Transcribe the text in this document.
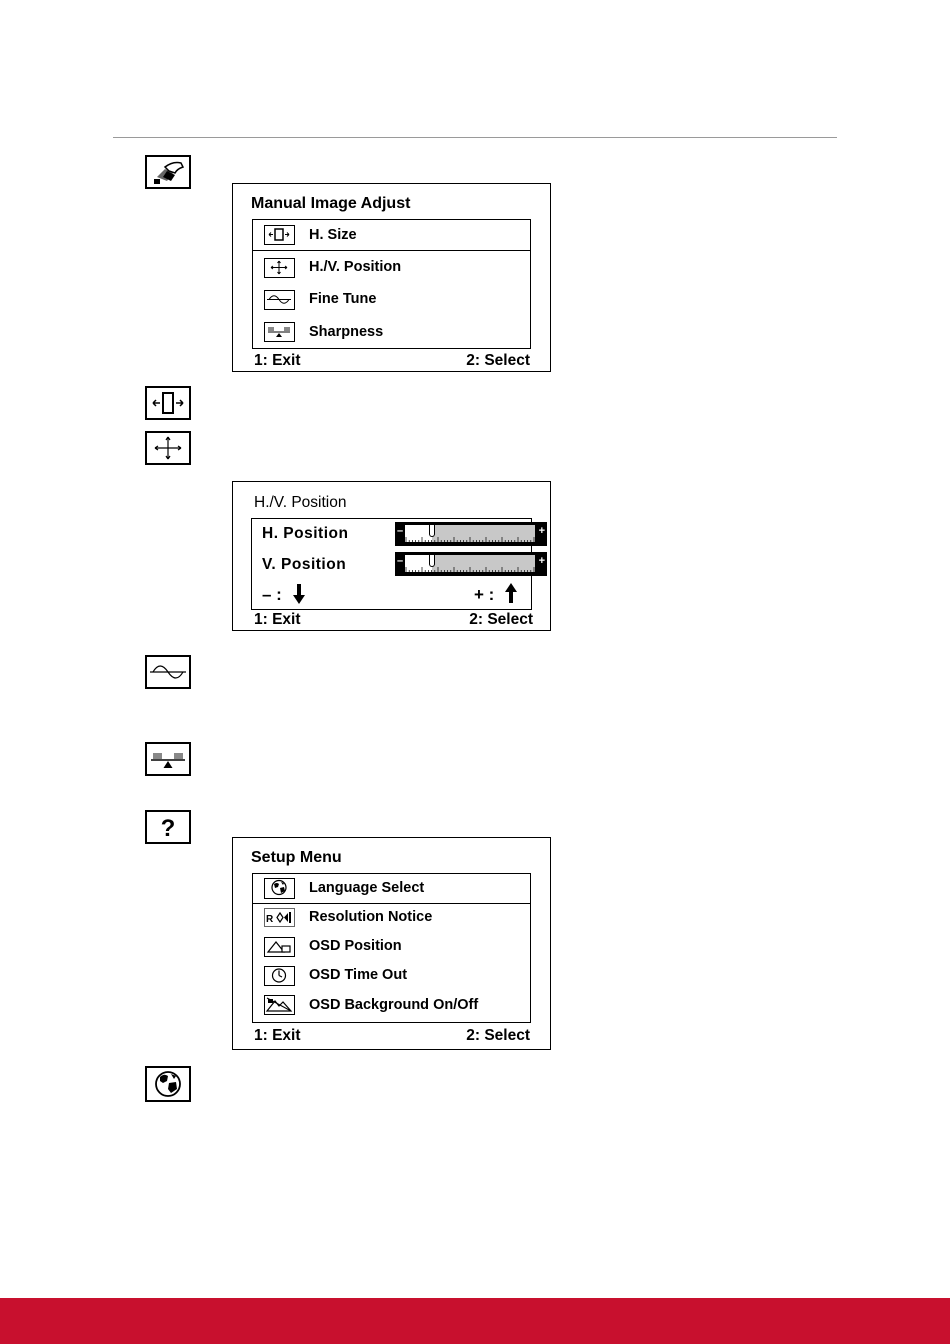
Manual Image Adjust
H. Size
H./V. Position
Fine Tune
Sharpness
1: Exit	2: Select
H./V. Position
H. Position	–	+
V. Position	–	+
– :	+ :
1: Exit	2: Select
?
Setup Menu
Language Select
R Resolution Notice
OSD Position
OSD Time Out
OSD Background On/Off
1: Exit	2: Select
